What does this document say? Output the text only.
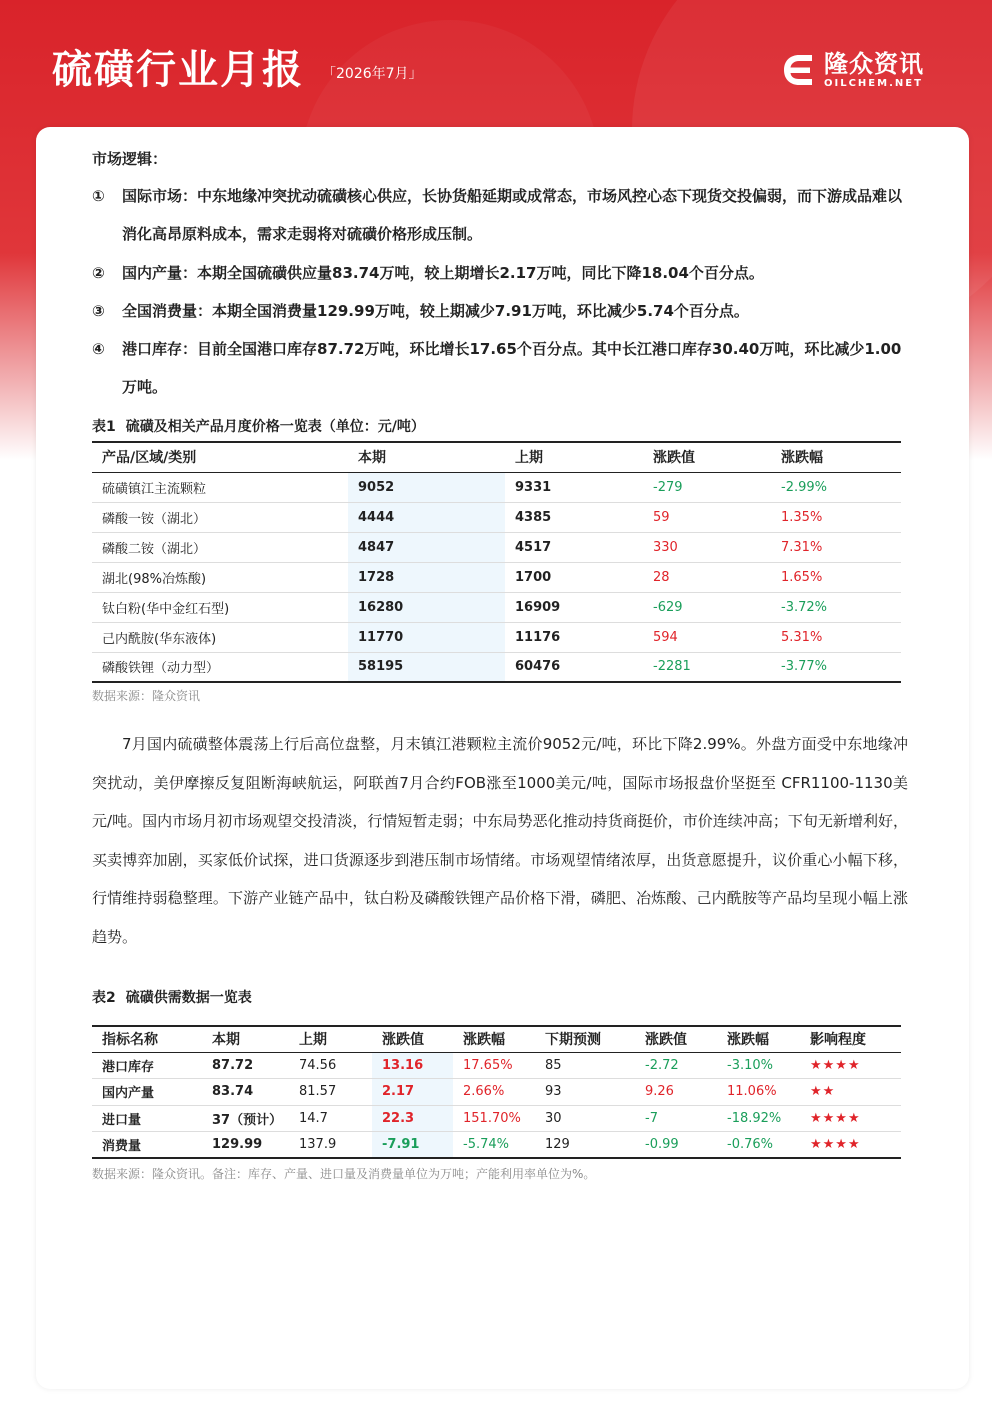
硫磺行业月报 「2026年7月」	隆众资讯
OILCHEM.NET
市场逻辑：
①	国际市场：中东地缘冲突扰动硫磺核心供应，长协货船延期或成常态，市场风控心态下现货交投偏弱，而下游成品难以消化高昂原料成本，需求走弱将对硫磺价格形成压制。
②	国内产量：本期全国硫磺供应量83.74万吨，较上期增长2.17万吨，同比下降18.04个百分点。
③	全国消费量：本期全国消费量129.99万吨，较上期减少7.91万吨，环比减少5.74个百分点。
④	港口库存：目前全国港口库存87.72万吨，环比增长17.65个百分点。其中长江港口库存30.40万吨，环比减少1.00万吨。
表1 硫磺及相关产品月度价格一览表（单位：元/吨）
产品/区域/类别	本期	上期	涨跌值	涨跌幅
硫磺镇江主流颗粒	9052	9331	-279	-2.99%
磷酸一铵（湖北）	4444	4385	59	1.35%
磷酸二铵（湖北）	4847	4517	330	7.31%
湖北(98%冶炼酸)	1728	1700	28	1.65%
钛白粉(华中金红石型)	16280	16909	-629	-3.72%
己内酰胺(华东液体)	11770	11176	594	5.31%
磷酸铁锂（动力型）	58195	60476	-2281	-3.77%
数据来源：隆众资讯
7月国内硫磺整体震荡上行后高位盘整，月末镇江港颗粒主流价9052元/吨，环比下降2.99%。外盘方面受中东地缘冲突扰动，美伊摩擦反复阻断海峡航运，阿联酋7月合约FOB涨至1000美元/吨，国际市场报盘价坚挺至 CFR1100-1130美元/吨。国内市场月初市场观望交投清淡，行情短暂走弱；中东局势恶化推动持货商挺价，市价连续冲高；下旬无新增利好，买卖博弈加剧，买家低价试探，进口货源逐步到港压制市场情绪。市场观望情绪浓厚，出货意愿提升，议价重心小幅下移，行情维持弱稳整理。下游产业链产品中，钛白粉及磷酸铁锂产品价格下滑，磷肥、冶炼酸、己内酰胺等产品均呈现小幅上涨趋势。
表2 硫磺供需数据一览表
指标名称	本期	上期	涨跌值	涨跌幅	下期预测	涨跌值	涨跌幅	影响程度
港口库存	87.72	74.56	13.16	17.65%	85	-2.72	-3.10%	★★★★
国内产量	83.74	81.57	2.17	2.66%	93	9.26	11.06%	★★
进口量	37（预计）	14.7	22.3	151.70%	30	-7	-18.92%	★★★★
消费量	129.99	137.9	-7.91	-5.74%	129	-0.99	-0.76%	★★★★
数据来源：隆众资讯。备注：库存、产量、进口量及消费量单位为万吨；产能利用率单位为%。
